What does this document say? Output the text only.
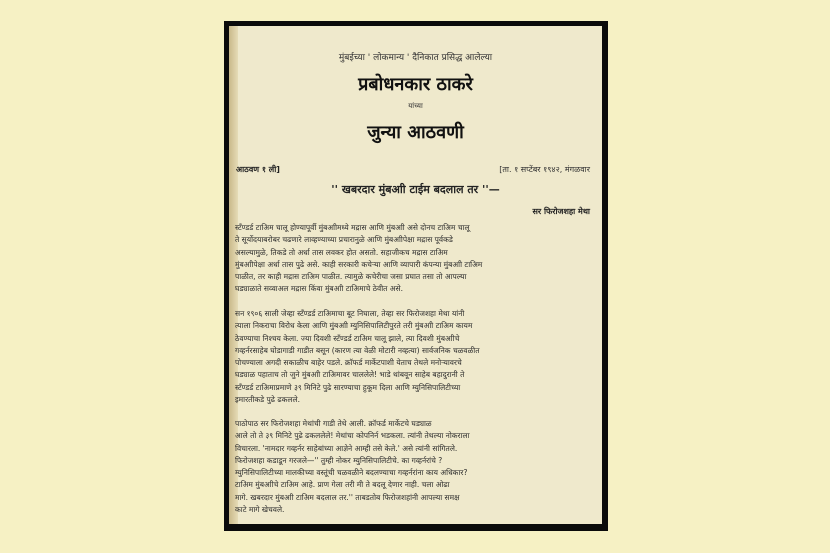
मुंबईच्या ' लोकमान्य ' दैनिकात प्रसिद्ध आलेल्या
प्रबोधनकार ठाकरे
यांच्या
जुन्या आठवणी
आठवण १ ली]	[ता. १ सप्टेंबर १९४२, मंगळवार
'' खबरदार मुंबआी टाईम बदलाल तर ''—
सर फिरोजशहा मेथा
स्टँण्डर्ड टाअिम चालू होण्यापूर्वी मुंबआीमध्ये मद्रास आणि मुंबआी असे दोनच टाअिम चालू
ते सूर्योदयाबरोबर चढणारे लाव्हण्याच्या प्रचारानुळे आणि मुंबआीपेक्षा मद्रास पूर्वकडे
असल्यामुळे, तिकडे तो अर्धा तास लवकर होत असतो. सहाजीकच मद्रास टाअिम
मुंबआीपेक्षा अर्धा तास पुढे असे. काही सरकारी कचेऱ्या आणि व्यापारी कंपन्या मुंबआी टाअिम
पाळीत, तर काही मद्रास टाअिम पाळीत. त्यामुळे कचेरीचा जसा प्रघात तसा तो आपल्या
घड्याळाते सव्वाअल मद्रास किंवा मुंबआी टाअिमाचे ठेवीत असे.
सन १९०६ साली जेव्हा स्टँण्डर्ड टाअिमाचा बूट निघाला, तेव्हा सर फिरोजशहा मेथा यांनी
त्याला निकराचा विरोध केला आणि मुंबआी म्युनिसिपालिटीपुरते तरी मुंबआी टाअिम कायम
ठेवण्याचा निश्चय केला. ज्या दिवशी स्टँण्डर्ड टाअिम चालू झाले, त्या दिवशी मुंबआीचे
गव्हर्नरसाहेब घोडागाडी गाडीत बसून (कारण त्या वेळी मोटारी नव्हत्या) सार्वजनिक चळवळीत
पोचण्याला अगदी सकाळीच बाहेर पडले. क्रॉफर्ड मार्केटपाशी येताच तेथले मनोऱ्यावरचे
घड्याळ पहाताच तो जुने मुंबआी टाअिमावर चाललेले! भाडे थांबवून साहेब बहादुरानी ते
स्टँण्डर्ड टाअिमाप्रमाणे ३९ मिनिटे पुढे सारण्याचा हुकूम दिला आणि म्युनिसिपालिटीच्या
इमारतीकडे पुढे ढकलले.
पाठोपाठ सर फिरोजशहा मेथांची गाडी तेथे आली. क्रॉफर्ड मार्केटचे घड्याळ
आले तो ते ३९ मिनिटे पुढे ढकललेले! मेथांचा कोपनिर्न भडकला. त्यांनी तेथल्या नोकराला
विचारला. 'नामदार गव्हर्नर साहेबांच्या आज्ञेने आम्ही तसे केले.' असे त्यांनी सांगितले.
फिरोजशहा कडाडून गरजले—'' तुम्ही नोकर म्युनिसिपालिटीचे. का गव्हर्नरांचे ?
म्युनिसिपालिटीच्या मालकीच्या वस्तूंची चळवळीने बदलण्याचा गव्हर्नरांना काय अधिकार?
टाअिम मुंबआीचे टाअिम आहे. प्राण गेला तरी मी ते बदलू देणार नाही. चला ओढा
मागे. खबरदार मुंबआी टाअिम बदलाल तर.'' ताबडतोब फिरोजशहांनी आपल्या समक्ष
काटे मागे खेचवले.
